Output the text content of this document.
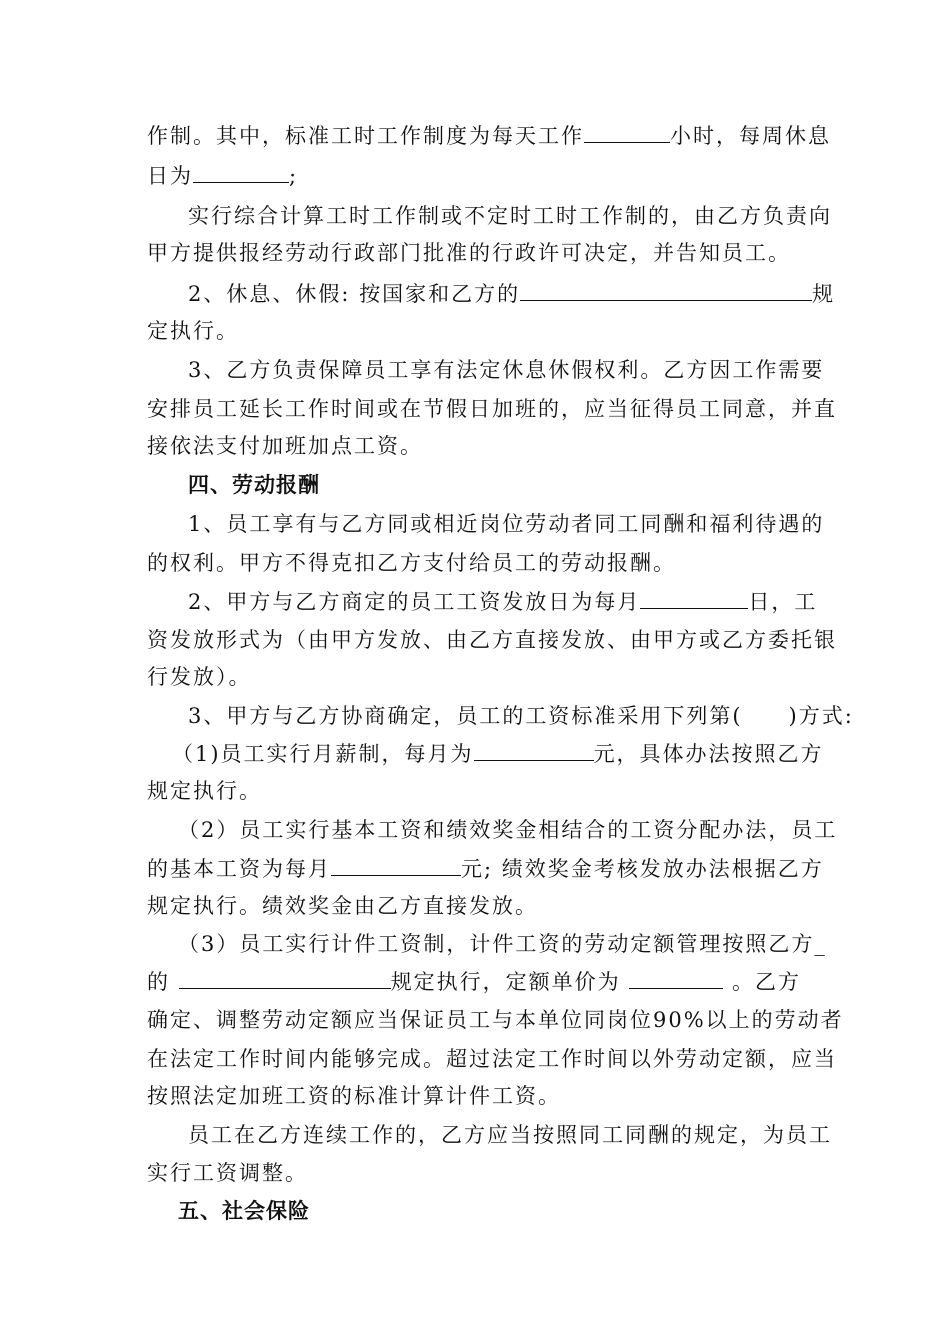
作制。其中，标准工时工作制度为每天工作	小时，每周休息
日为	;
实行综合计算工时工作制或不定时工时工作制的，由乙方负责向
甲方提供报经劳动行政部门批准的行政许可决定，并告知员工。
2、休息、休假: 按国家和乙方的	规
定执行。
3、乙方负责保障员工享有法定休息休假权利。乙方因工作需要
安排员工延长工作时间或在节假日加班的，应当征得员工同意，并直
接依法支付加班加点工资。
四、劳动报酬
1、员工享有与乙方同或相近岗位劳动者同工同酬和福利待遇的
的权利。甲方不得克扣乙方支付给员工的劳动报酬。
2、甲方与乙方商定的员工工资发放日为每月	日，工
资发放形式为（由甲方发放、由乙方直接发放、由甲方或乙方委托银
行发放）。
3、甲方与乙方协商确定，员工的工资标准采用下列第(　　)方式:
（1)员工实行月薪制，每月为	元，具体办法按照乙方
规定执行。
（2）员工实行基本工资和绩效奖金相结合的工资分配办法，员工
的基本工资为每月	元; 绩效奖金考核发放办法根据乙方
规定执行。绩效奖金由乙方直接发放。
（3）员工实行计件工资制，计件工资的劳动定额管理按照乙方_
的	规定执行，定额单价为	。乙方
确定、调整劳动定额应当保证员工与本单位同岗位90%以上的劳动者
在法定工作时间内能够完成。超过法定工作时间以外劳动定额，应当
按照法定加班工资的标准计算计件工资。
员工在乙方连续工作的，乙方应当按照同工同酬的规定，为员工
实行工资调整。
五、社会保险
